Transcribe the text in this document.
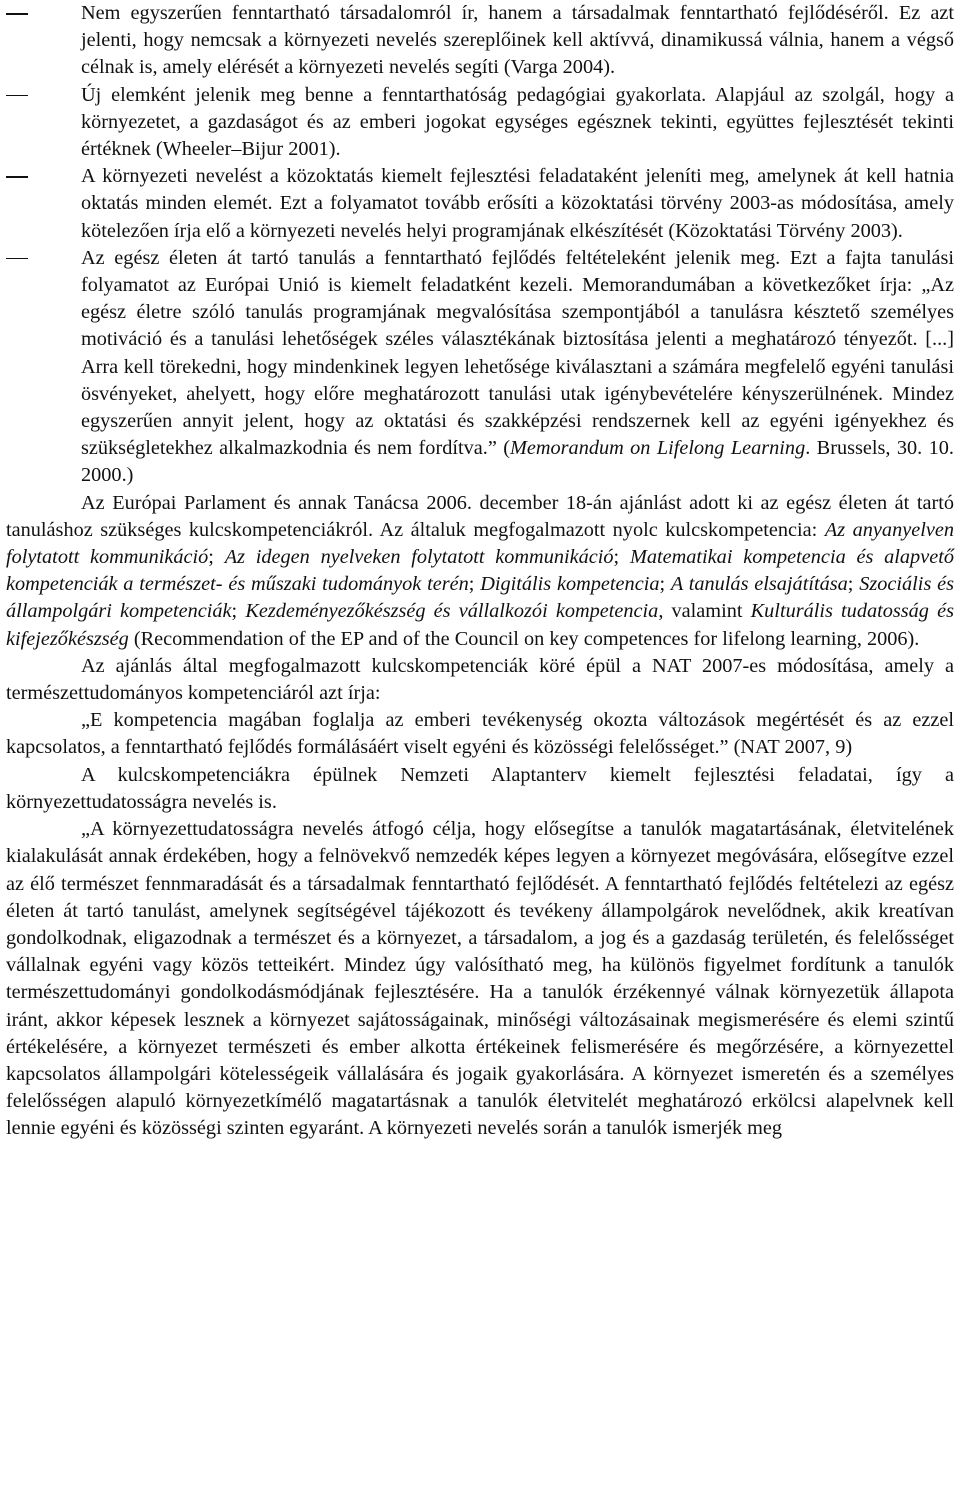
Nem egyszerűen fenntartható társadalomról ír, hanem a társadalmak fenntartható fejlődéséről. Ez azt jelenti, hogy nemcsak a környezeti nevelés szereplőinek kell aktívvá, dinamikussá válnia, hanem a végső célnak is, amely elérését a környezeti nevelés segíti (Varga 2004).
Új elemként jelenik meg benne a fenntarthatóság pedagógiai gyakorlata. Alapjául az szolgál, hogy a környezetet, a gazdaságot és az emberi jogokat egységes egésznek tekinti, együttes fejlesztését tekinti értéknek (Wheeler–Bijur 2001).
A környezeti nevelést a közoktatás kiemelt fejlesztési feladataként jeleníti meg, amelynek át kell hatnia oktatás minden elemét. Ezt a folyamatot tovább erősíti a közoktatási törvény 2003-as módosítása, amely kötelezően írja elő a környezeti nevelés helyi programjának elkészítését (Közoktatási Törvény 2003).
Az egész életen át tartó tanulás a fenntartható fejlődés feltételeként jelenik meg. Ezt a fajta tanulási folyamatot az Európai Unió is kiemelt feladatként kezeli. Memorandumában a következőket írja: „Az egész életre szóló tanulás programjának megvalósítása szempontjából a tanulásra késztető személyes motiváció és a tanulási lehetőségek széles választékának biztosítása jelenti a meghatározó tényezőt. [...] Arra kell törekedni, hogy mindenkinek legyen lehetősége kiválasztani a számára megfelelő egyéni tanulási ösvényeket, ahelyett, hogy előre meghatározott tanulási utak igénybevételére kényszerülnének. Mindez egyszerűen annyit jelent, hogy az oktatási és szakképzési rendszernek kell az egyéni igényekhez és szükségletekhez alkalmazkodnia és nem fordítva.” (Memorandum on Lifelong Learning. Brussels, 30. 10. 2000.)

Az Európai Parlament és annak Tanácsa 2006. december 18-án ajánlást adott ki az egész életen át tartó tanuláshoz szükséges kulcskompetenciákról. Az általuk megfogalmazott nyolc kulcskompetencia: Az anyanyelven folytatott kommunikáció; Az idegen nyelveken folytatott kommunikáció; Matematikai kompetencia és alapvető kompetenciák a természet- és műszaki tudományok terén; Digitális kompetencia; A tanulás elsajátítása; Szociális és állampolgári kompetenciák; Kezdeményezőkészség és vállalkozói kompetencia, valamint Kulturális tudatosság és kifejezőkészség (Recommendation of the EP and of the Council on key competences for lifelong learning, 2006).

Az ajánlás által megfogalmazott kulcskompetenciák köré épül a NAT 2007-es módosítása, amely a természettudományos kompetenciáról azt írja:

„E kompetencia magában foglalja az emberi tevékenység okozta változások megértését és az ezzel kapcsolatos, a fenntartható fejlődés formálásáért viselt egyéni és közösségi felelősséget.” (NAT 2007, 9)

A kulcskompetenciákra épülnek Nemzeti Alaptanterv kiemelt fejlesztési feladatai, így a környezettudatosságra nevelés is.

„A környezettudatosságra nevelés átfogó célja, hogy elősegítse a tanulók magatartásának, életvitelének kialakulását annak érdekében, hogy a felnövekvő nemzedék képes legyen a környezet megóvására, elősegítve ezzel az élő természet fennmaradását és a társadalmak fenntartható fejlődését. A fenntartható fejlődés feltételezi az egész életen át tartó tanulást, amelynek segítségével tájékozott és tevékeny állampolgárok nevelődnek, akik kreatívan gondolkodnak, eligazodnak a természet és a környezet, a társadalom, a jog és a gazdaság területén, és felelősséget vállalnak egyéni vagy közös tetteikért. Mindez úgy valósítható meg, ha különös figyelmet fordítunk a tanulók természettudományi gondolkodásmódjának fejlesztésére. Ha a tanulók érzékennyé válnak környezetük állapota iránt, akkor képesek lesznek a környezet sajátosságainak, minőségi változásainak megismerésére és elemi szintű értékelésére, a környezet természeti és ember alkotta értékeinek felismerésére és megőrzésére, a környezettel kapcsolatos állampolgári kötelességeik vállalására és jogaik gyakorlására. A környezet ismeretén és a személyes felelősségen alapuló környezetkímélő magatartásnak a tanulók életvitelét meghatározó erkölcsi alapelvnek kell lennie egyéni és közösségi szinten egyaránt. A környezeti nevelés során a tanulók ismerjék meg
